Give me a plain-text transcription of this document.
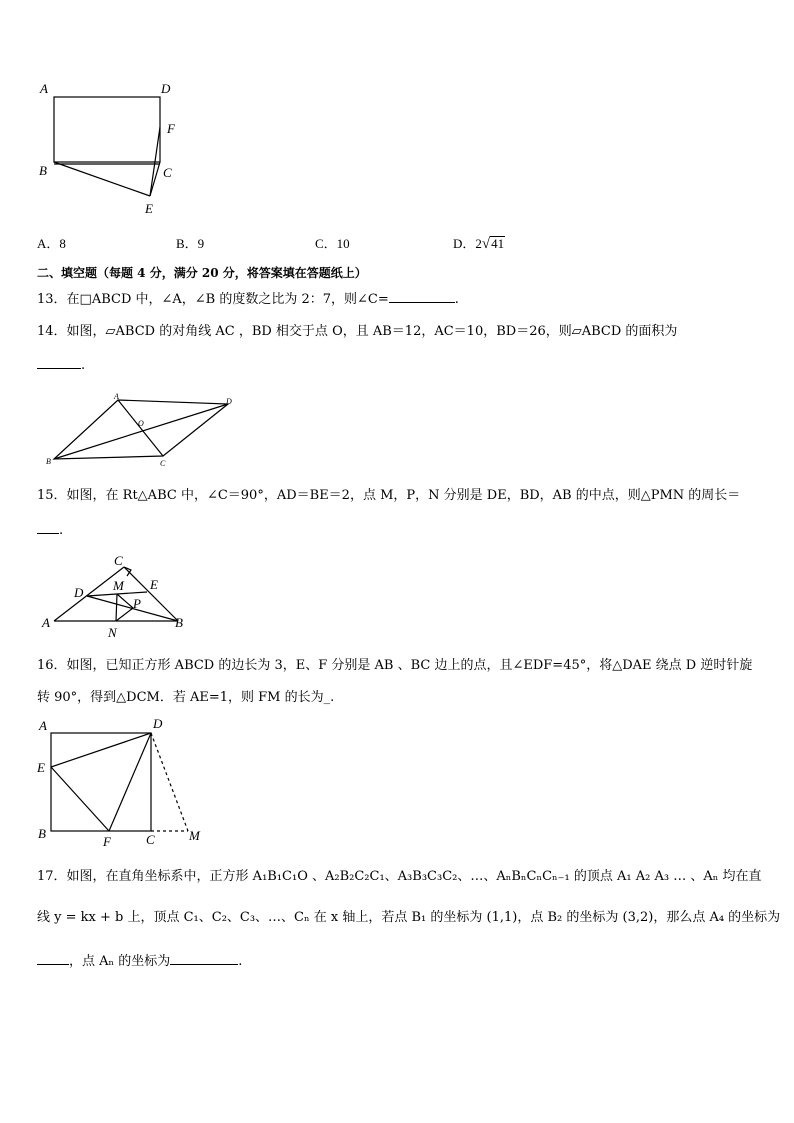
A	D
F
B	C
E
A．8	B．9	C．10	D．2√41
二、填空题（每题 4 分，满分 20 分，将答案填在答题纸上）
13．在□ABCD 中，∠A，∠B 的度数之比为 2：7，则∠C=	.
14．如图，▱ABCD 的对角线 AC ，BD 相交于点 O，且 AB＝12，AC＝10，BD＝26，则▱ABCD 的面积为
.
A
D
O
B	C
15．如图，在 Rt△ABC 中，∠C＝90°，AD＝BE＝2，点 M，P，N 分别是 DE，BD，AB 的中点，则△PMN 的周长＝
.
C
M E
D
P
A
N
B
16．如图，已知正方形 ABCD 的边长为 3，E、F 分别是 AB 、BC 边上的点，且∠EDF=45°，将△DAE 绕点 D 逆时针旋
转 90°，得到△DCM．若 AE=1，则 FM 的长为_.
A	D
E
B
F	C	M
17．如图，在直角坐标系中，正方形 A₁B₁C₁O 、A₂B₂C₂C₁、A₃B₃C₃C₂、…、AₙBₙCₙCₙ₋₁ 的顶点 A₁ A₂ A₃ … 、Aₙ 均在直
线 y = kx + b 上，顶点 C₁、C₂、C₃、…、Cₙ 在 x 轴上，若点 B₁ 的坐标为 (1,1)，点 B₂ 的坐标为 (3,2)，那么点 A₄ 的坐标为
，点 Aₙ 的坐标为	.
